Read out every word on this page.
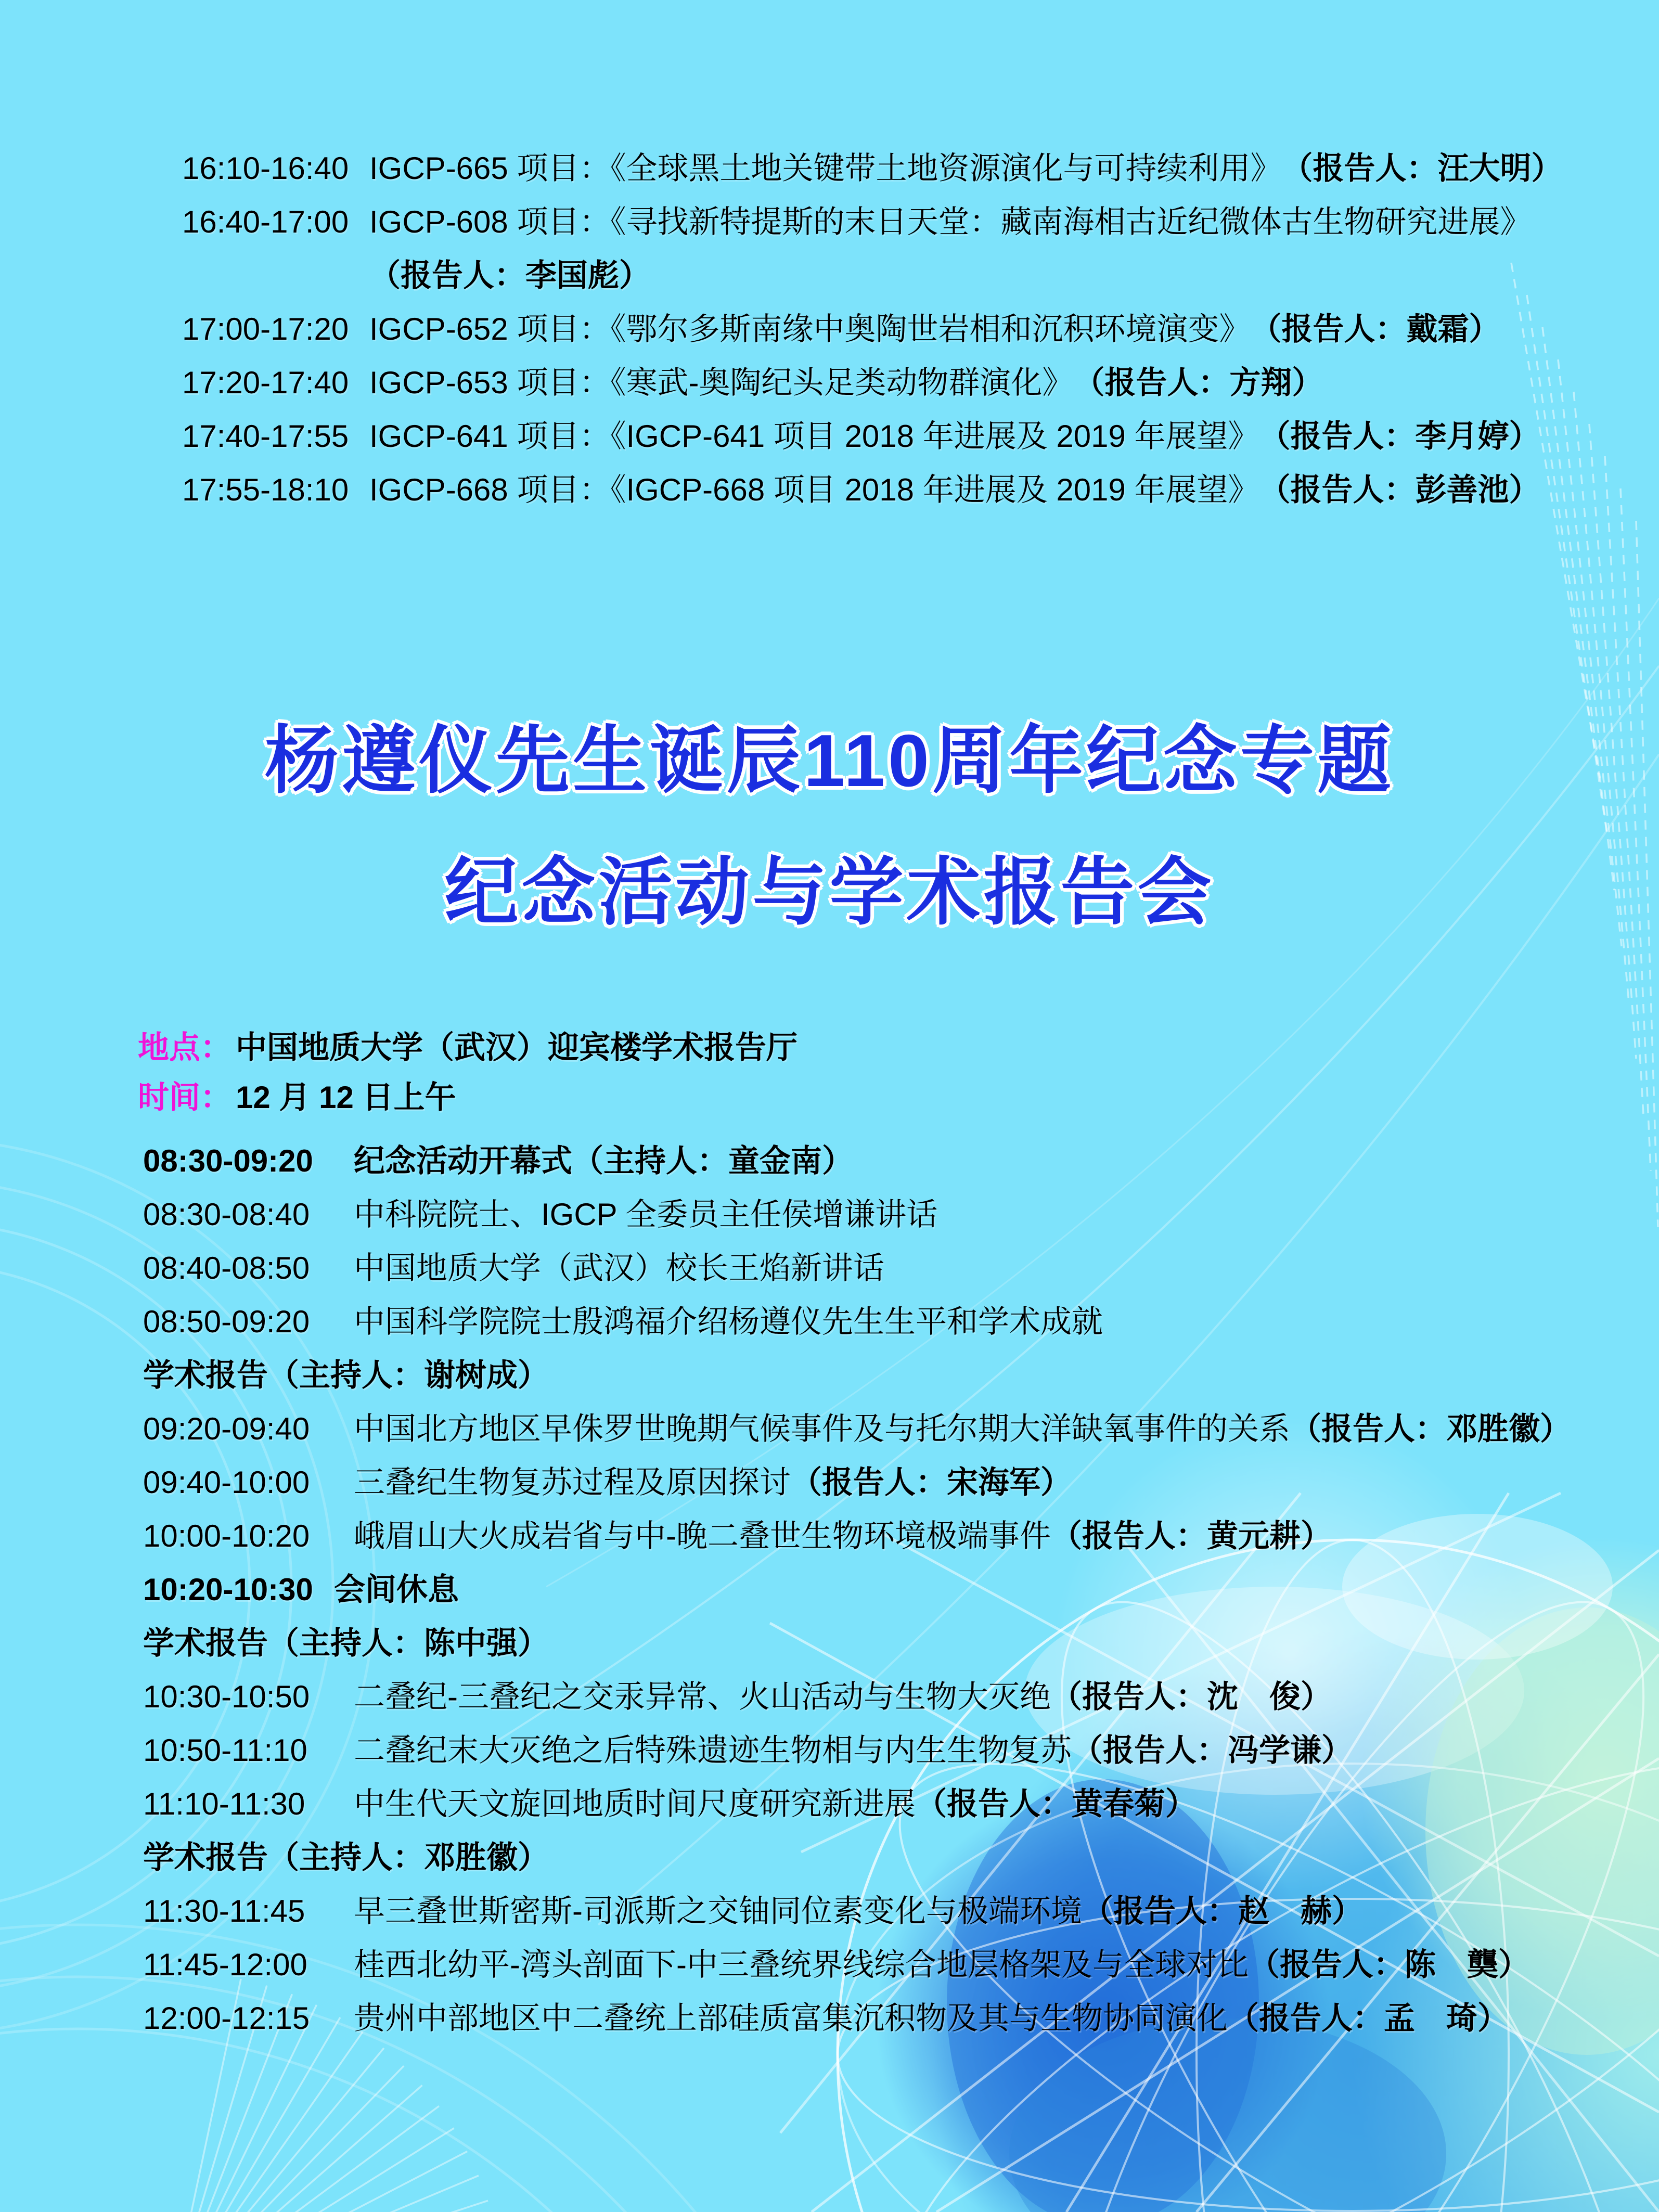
16:10-16:40 IGCP-665 项目：《全球黑土地关键带土地资源演化与可持续利用》 （报告人：汪大明）
16:40-17:00 IGCP-608 项目：《寻找新特提斯的末日天堂：藏南海相古近纪微体古生物研究进展》
（报告人：李国彪）
17:00-17:20 IGCP-652 项目：《鄂尔多斯南缘中奥陶世岩相和沉积环境演变》 （报告人：戴霜）
17:20-17:40 IGCP-653 项目：《寒武-奥陶纪头足类动物群演化》 （报告人：方翔）
17:40-17:55 IGCP-641 项目：《IGCP-641 项目 2018 年进展及 2019 年展望》 （报告人：李月婷）
17:55-18:10 IGCP-668 项目：《IGCP-668 项目 2018 年进展及 2019 年展望》 （报告人：彭善池）
杨遵仪先生诞辰110周年纪念专题
纪念活动与学术报告会
地点： 中国地质大学（武汉）迎宾楼学术报告厅
时间： 12 月 12 日上午
08:30-09:20	纪念活动开幕式（主持人：童金南）
08:30-08:40	中科院院士、IGCP 全委员主任侯增谦讲话
08:40-08:50	中国地质大学（武汉）校长王焰新讲话
08:50-09:20	中国科学院院士殷鸿福介绍杨遵仪先生生平和学术成就
学术报告（主持人：谢树成）
09:20-09:40	中国北方地区早侏罗世晚期气候事件及与托尔期大洋缺氧事件的关系 （报告人：邓胜徽）
09:40-10:00	三叠纪生物复苏过程及原因探讨 （报告人：宋海军）
10:00-10:20	峨眉山大火成岩省与中-晚二叠世生物环境极端事件 （报告人：黄元耕）
10:20-10:30 会间休息
学术报告（主持人：陈中强）
10:30-10:50	二叠纪-三叠纪之交汞异常、火山活动与生物大灭绝 （报告人：沈　俊）
10:50-11:10	二叠纪末大灭绝之后特殊遗迹生物相与内生生物复苏 （报告人：冯学谦）
11:10-11:30	中生代天文旋回地质时间尺度研究新进展 （报告人：黄春菊）
学术报告（主持人：邓胜徽）
11:30-11:45	早三叠世斯密斯-司派斯之交铀同位素变化与极端环境 （报告人：赵　赫）
11:45-12:00	桂西北幼平-湾头剖面下-中三叠统界线综合地层格架及与全球对比 （报告人：陈　龑）
12:00-12:15	贵州中部地区中二叠统上部硅质富集沉积物及其与生物协同演化 （报告人：孟　琦）
